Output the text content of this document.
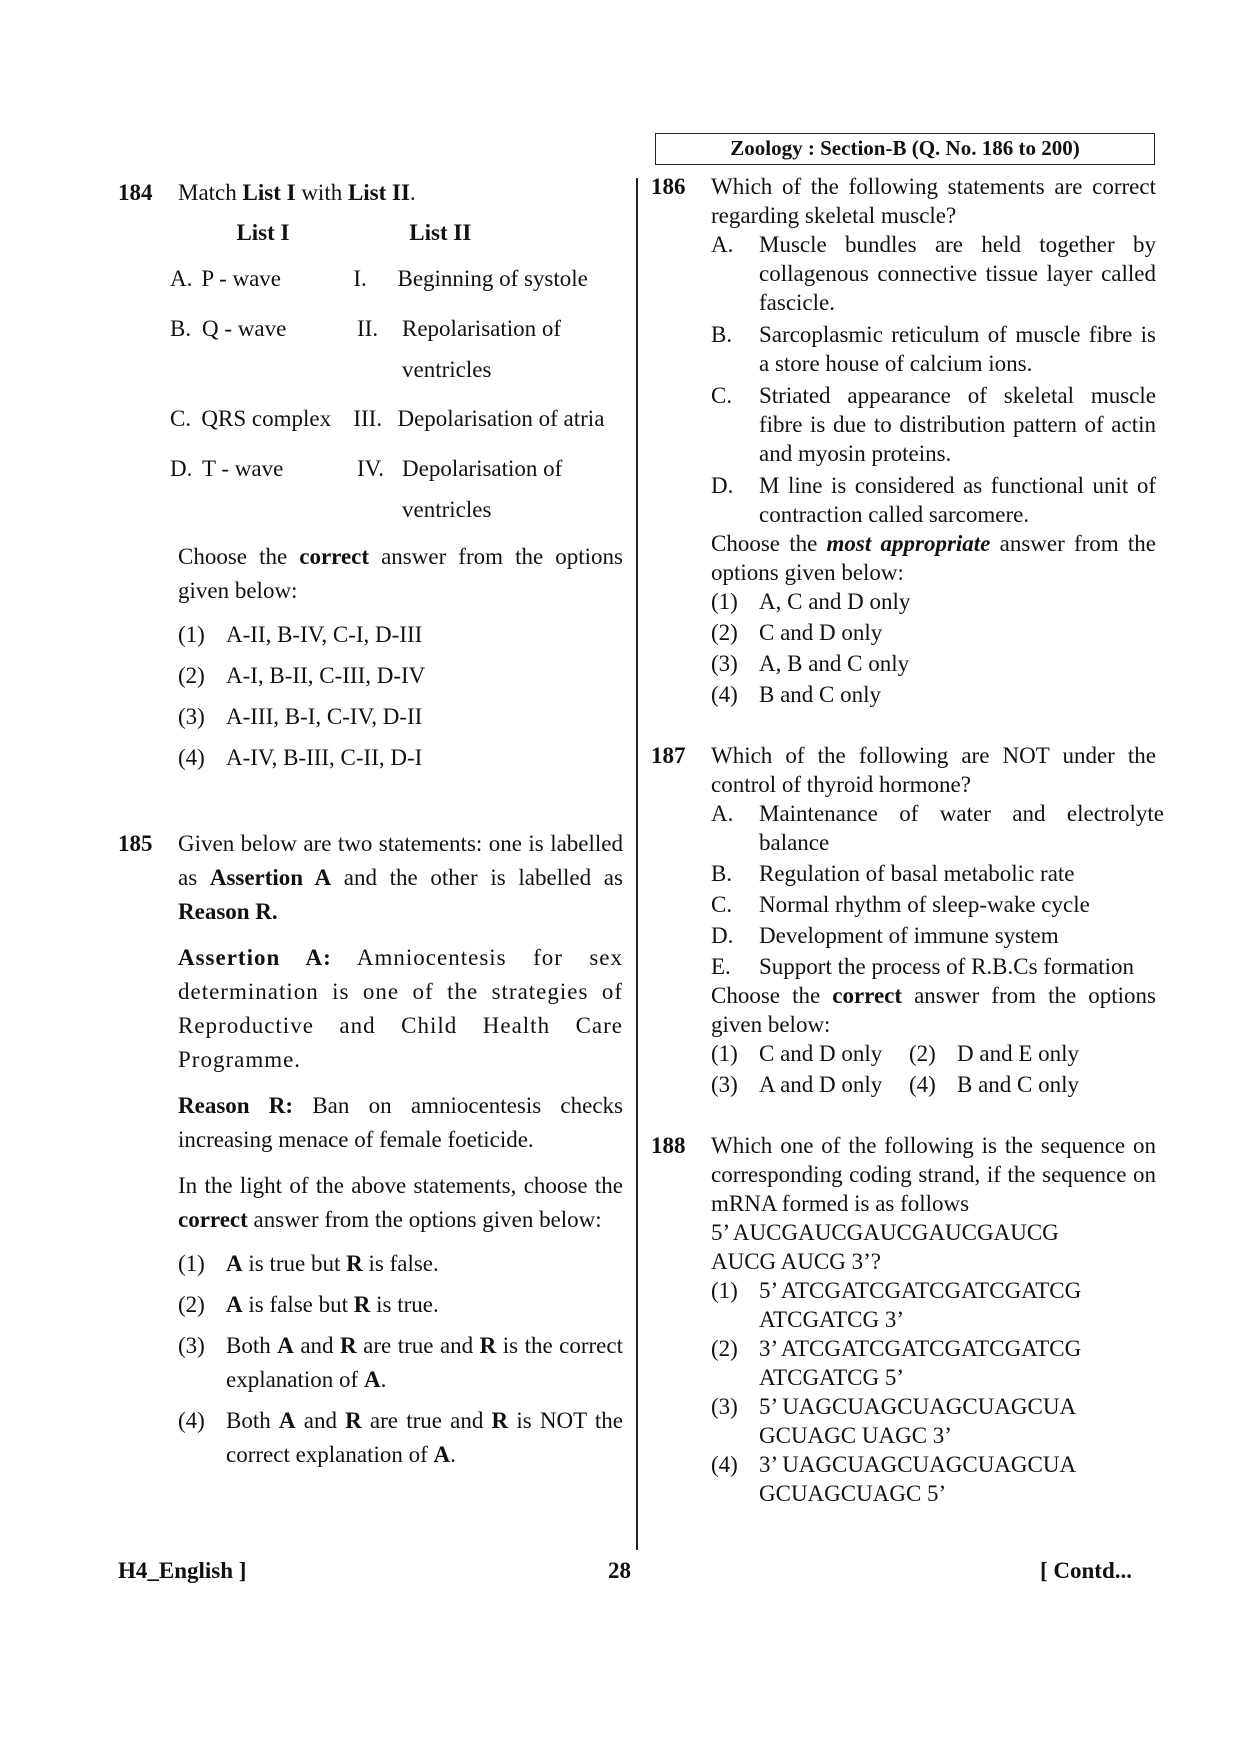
Zoology : Section-B (Q. No. 186 to 200)
184 Match List I with List II.

List I	List II
A. P - wave	I.	Beginning of systole
B. Q - wave	II.	Repolarisation of ventricles
C. QRS complex III. Depolarisation of atria
D. T - wave	IV. Depolarisation of ventricles

Choose the correct answer from the options given below:

(1) A-II, B-IV, C-I, D-III
(2) A-I, B-II, C-III, D-IV
(3) A-III, B-I, C-IV, D-II
(4) A-IV, B-III, C-II, D-I
185 Given below are two statements: one is labelled as Assertion A and the other is labelled as Reason R.

Assertion A: Amniocentesis for sex determination is one of the strategies of Reproductive and Child Health Care Programme.

Reason R: Ban on amniocentesis checks increasing menace of female foeticide.

In the light of the above statements, choose the correct answer from the options given below:

(1) A is true but R is false.
(2) A is false but R is true.
(3) Both A and R are true and R is the correct explanation of A.
(4) Both A and R are true and R is NOT the correct explanation of A.
186 Which of the following statements are correct regarding skeletal muscle?

A. Muscle bundles are held together by collagenous connective tissue layer called fascicle.
B. Sarcoplasmic reticulum of muscle fibre is a store house of calcium ions.
C. Striated appearance of skeletal muscle fibre is due to distribution pattern of actin and myosin proteins.
D. M line is considered as functional unit of contraction called sarcomere.

Choose the most appropriate answer from the options given below:

(1) A, C and D only
(2) C and D only
(3) A, B and C only
(4) B and C only
187 Which of the following are NOT under the control of thyroid hormone?

A. Maintenance of water and electrolyte balance
B. Regulation of basal metabolic rate
C. Normal rhythm of sleep-wake cycle
D. Development of immune system
E. Support the process of R.B.Cs formation

Choose the correct answer from the options given below:

(1) C and D only	(2) D and E only
(3) A and D only	(4) B and C only
188 Which one of the following is the sequence on corresponding coding strand, if the sequence on mRNA formed is as follows

5’ AUCGAUCGAUCGAUCGAUCG
AUCG AUCG 3’?
(1) 5’ ATCGATCGATCGATCGATCG
ATCGATCG 3’
(2) 3’ ATCGATCGATCGATCGATCG
ATCGATCG 5’
(3) 5’ UAGCUAGCUAGCUAGCUA
GCUAGC UAGC 3’
(4) 3’ UAGCUAGCUAGCUAGCUA
GCUAGCUAGC 5’
H4_English ]	28	[ Contd...
